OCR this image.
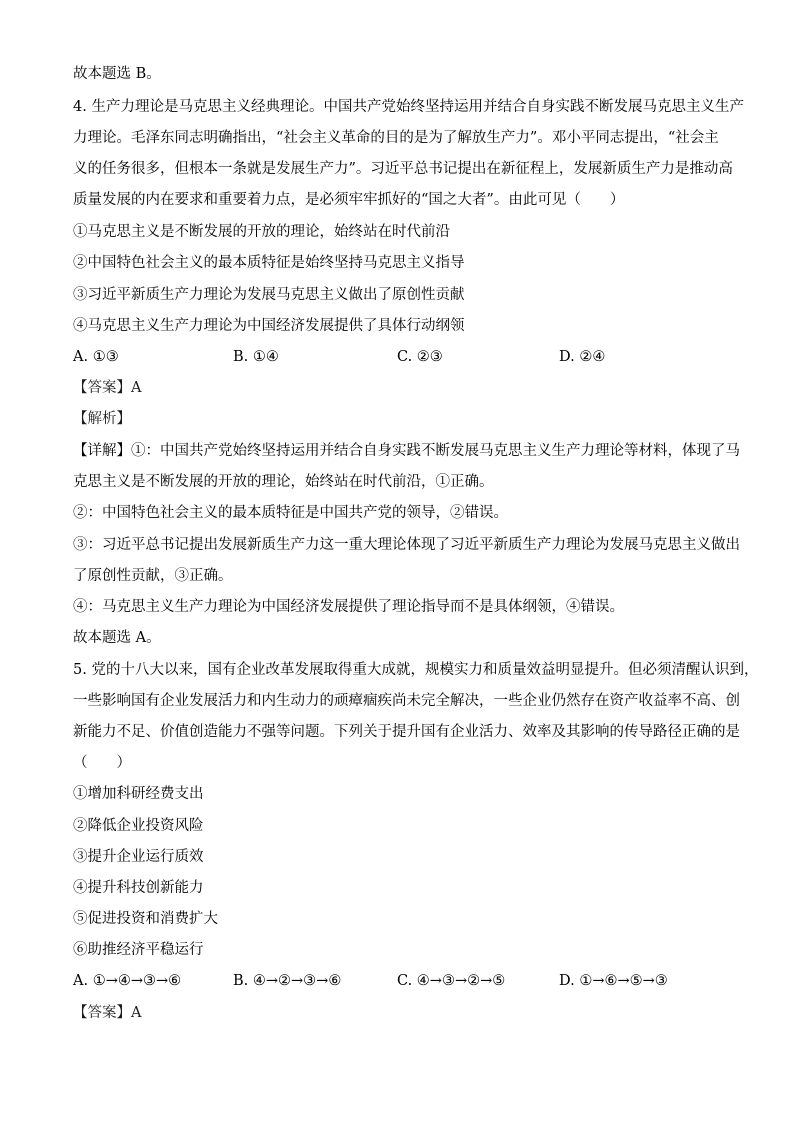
故本题选 B。
4. 生产力理论是马克思主义经典理论。中国共产党始终坚持运用并结合自身实践不断发展马克思主义生产
力理论。毛泽东同志明确指出，“社会主义革命的目的是为了解放生产力”。邓小平同志提出，“社会主
义的任务很多，但根本一条就是发展生产力”。习近平总书记提出在新征程上，发展新质生产力是推动高
质量发展的内在要求和重要着力点，是必须牢牢抓好的“国之大者”。由此可见（　　）
①马克思主义是不断发展的开放的理论，始终站在时代前沿
②中国特色社会主义的最本质特征是始终坚持马克思主义指导
③习近平新质生产力理论为发展马克思主义做出了原创性贡献
④马克思主义生产力理论为中国经济发展提供了具体行动纲领
A. ①③	B. ①④	C. ②③	D. ②④
【答案】A
【解析】
【详解】①：中国共产党始终坚持运用并结合自身实践不断发展马克思主义生产力理论等材料，体现了马
克思主义是不断发展的开放的理论，始终站在时代前沿，①正确。
②：中国特色社会主义的最本质特征是中国共产党的领导，②错误。
③：习近平总书记提出发展新质生产力这一重大理论体现了习近平新质生产力理论为发展马克思主义做出
了原创性贡献，③正确。
④：马克思主义生产力理论为中国经济发展提供了理论指导而不是具体纲领，④错误。
故本题选 A。
5. 党的十八大以来，国有企业改革发展取得重大成就，规模实力和质量效益明显提升。但必须清醒认识到，
一些影响国有企业发展活力和内生动力的顽瘴痼疾尚未完全解决，一些企业仍然存在资产收益率不高、创
新能力不足、价值创造能力不强等问题。下列关于提升国有企业活力、效率及其影响的传导路径正确的是
（　　）
①增加科研经费支出
②降低企业投资风险
③提升企业运行质效
④提升科技创新能力
⑤促进投资和消费扩大
⑥助推经济平稳运行
A. ①→④→③→⑥	B. ④→②→③→⑥	C. ④→③→②→⑤	D. ①→⑥→⑤→③
【答案】A
